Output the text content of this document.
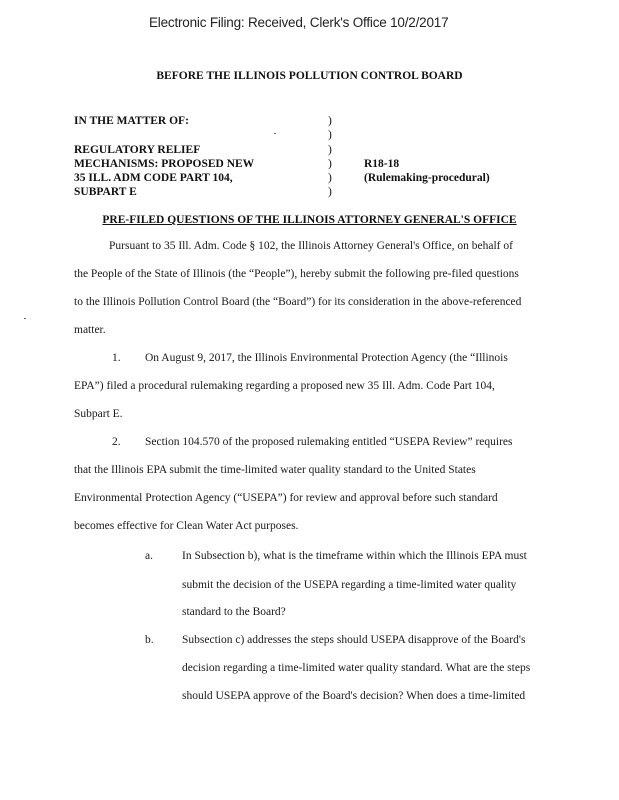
Electronic Filing: Received, Clerk's Office 10/2/2017
BEFORE THE ILLINOIS POLLUTION CONTROL BOARD
IN THE MATTER OF:
REGULATORY RELIEF
MECHANISMS: PROPOSED NEW
35 ILL. ADM CODE PART 104,
SUBPART E
)
)
)
)
)
)
R18-18
(Rulemaking-procedural)
PRE-FILED QUESTIONS OF THE ILLINOIS ATTORNEY GENERAL'S OFFICE
Pursuant to 35 Ill. Adm. Code § 102, the Illinois Attorney General's Office, on behalf of
the People of the State of Illinois (the “People”), hereby submit the following pre-filed questions
to the Illinois Pollution Control Board (the “Board”) for its consideration in the above-referenced
matter.
1. On August 9, 2017, the Illinois Environmental Protection Agency (the “Illinois
EPA”) filed a procedural rulemaking regarding a proposed new 35 Ill. Adm. Code Part 104,
Subpart E.
2. Section 104.570 of the proposed rulemaking entitled “USEPA Review” requires
that the Illinois EPA submit the time-limited water quality standard to the United States
Environmental Protection Agency (“USEPA”) for review and approval before such standard
becomes effective for Clean Water Act purposes.
a.	In Subsection b), what is the timeframe within which the Illinois EPA must
submit the decision of the USEPA regarding a time-limited water quality
standard to the Board?
b. Subsection c) addresses the steps should USEPA disapprove of the Board's
decision regarding a time-limited water quality standard. What are the steps
should USEPA approve of the Board's decision? When does a time-limited
